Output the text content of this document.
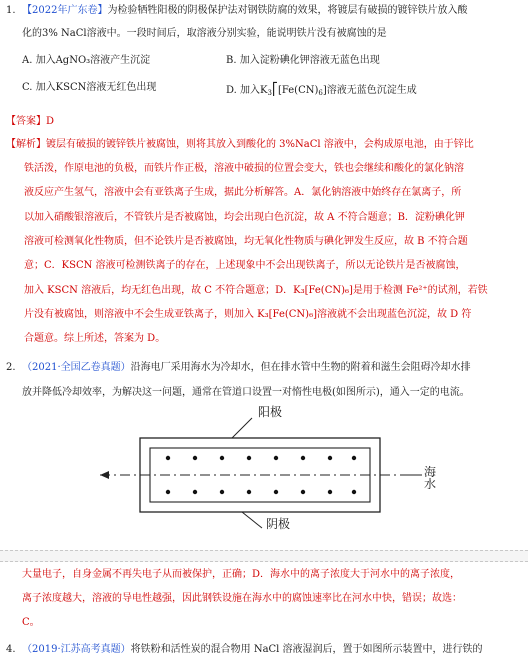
1. 【2022年广东卷】为检验牺牲阳极的阴极保护法对钢铁防腐的效果，将镀层有破损的镀锌铁片放入酸
化的3% NaCl溶液中。一段时间后，取溶液分别实验，能说明铁片没有被腐蚀的是
A. 加入AgNO₃溶液产生沉淀	B. 加入淀粉碘化钾溶液无蓝色出现
C. 加入KSCN溶液无红色出现	D. 加入$K_3⎡[Fe(CN)_6]$溶液无蓝色沉淀生成
【答案】D
【解析】镀层有破损的镀锌铁片被腐蚀，则将其放入到酸化的 3%NaCl 溶液中，会构成原电池，由于锌比
铁活泼，作原电池的负极，而铁片作正极，溶液中破损的位置会变大，铁也会继续和酸化的氯化钠溶
液反应产生氢气，溶液中会有亚铁离子生成，据此分析解答。A．氯化钠溶液中始终存在氯离子，所
以加入硝酸银溶液后，不管铁片是否被腐蚀，均会出现白色沉淀，故 A 不符合题意；B．淀粉碘化钾
溶液可检测氧化性物质，但不论铁片是否被腐蚀，均无氧化性物质与碘化钾发生反应，故 B 不符合题
意；C．KSCN 溶液可检测铁离子的存在，上述现象中不会出现铁离子，所以无论铁片是否被腐蚀，
加入 KSCN 溶液后，均无红色出现，故 C 不符合题意；D．K₃[Fe(CN)₆]是用于检测 Fe²⁺的试剂，若铁
片没有被腐蚀，则溶液中不会生成亚铁离子，则加入 K₃[Fe(CN)₆]溶液就不会出现蓝色沉淀，故 D 符
合题意。综上所述，答案为 D。
2. （2021·全国乙卷真题）沿海电厂采用海水为冷却水，但在排水管中生物的附着和滋生会阻碍冷却水排
放并降低冷却效率，为解决这一问题，通常在管道口设置一对惰性电极(如图所示)，通入一定的电流。
阳极
阴极
海水
大量电子，自身金属不再失电子从而被保护，正确；D．海水中的离子浓度大于河水中的离子浓度，
离子浓度越大，溶液的导电性越强，因此钢铁设施在海水中的腐蚀速率比在河水中快，错误；故选：
C。
4. （2019·江苏高考真题）将铁粉和活性炭的混合物用 NaCl 溶液湿润后，置于如图所示装置中，进行铁的
